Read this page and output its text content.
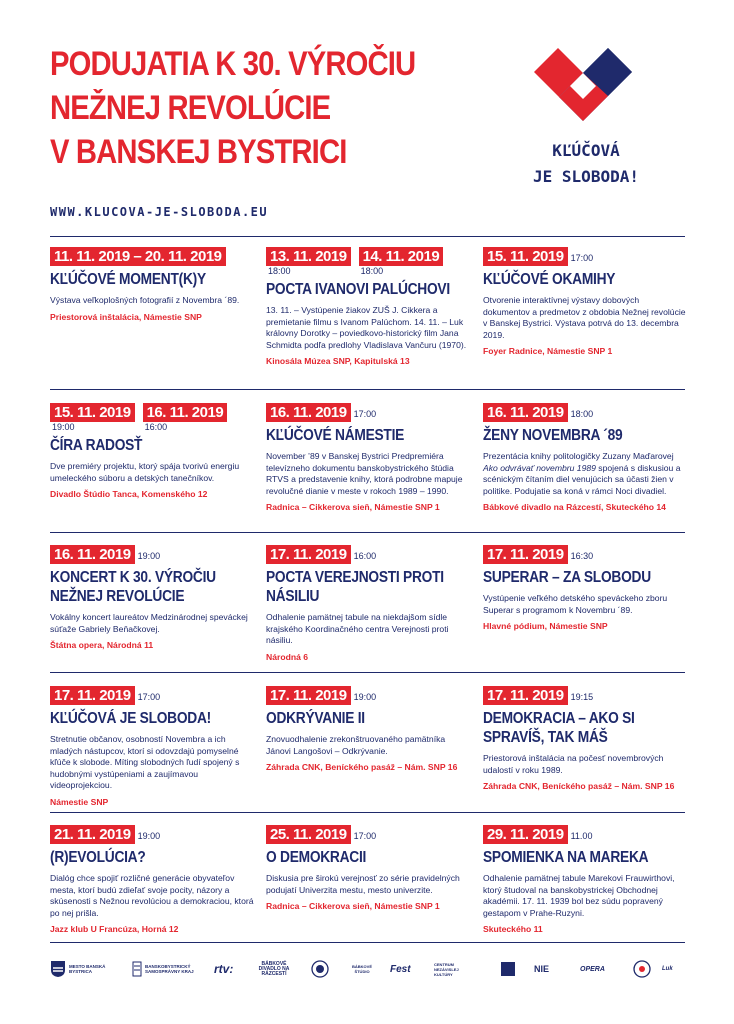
PODUJATIA K 30. VÝROČIU
NEŽNEJ REVOLÚCIE
V BANSKEJ BYSTRICI
WWW.KLUCOVA-JE-SLOBODA.EU
KĽÚČOVÁ
JE SLOBODA!
11. 11. 2019 – 20. 11. 2019
KĽÚČOVÉ MOMENT(K)Y
Výstava veľkoplošných fotografií z Novembra ´89.
Priestorová inštalácia, Námestie SNP
13. 11. 2019
18:00
14. 11. 2019
18:00
POCTA IVANOVI PALÚCHOVI
13. 11. – Vystúpenie žiakov ZUŠ J. Cikkera a premietanie filmu s Ivanom Palúchom. 14. 11. – Luk královny Dorotky – poviedkovo-historický film Jana Schmidta podľa predlohy Vladislava Vančuru (1970).
Kinosála Múzea SNP, Kapitulská 13
15. 11. 2019 17:00
KĽÚČOVÉ OKAMIHY
Otvorenie interaktívnej výstavy dobových dokumentov a predmetov z obdobia Nežnej revolúcie v Banskej Bystrici. Výstava potrvá do 13. decembra 2019.
Foyer Radnice, Námestie SNP 1
15. 11. 2019
19:00
16. 11. 2019
16:00
ČÍRA RADOSŤ
Dve premiéry projektu, ktorý spája tvorivú energiu umeleckého súboru a detských tanečníkov.
Divadlo Štúdio Tanca, Komenského 12
16. 11. 2019 17:00
KĽÚČOVÉ NÁMESTIE
November ’89 v Banskej Bystrici Predpremiéra televízneho dokumentu banskobystrického štúdia RTVS a predstavenie knihy, ktorá podrobne mapuje revolučné dianie v meste v rokoch 1989 – 1990.
Radnica – Cikkerova sieň, Námestie SNP 1
16. 11. 2019 18:00
ŽENY NOVEMBRA ´89
Prezentácia knihy politologičky Zuzany Maďarovej Ako odvrávať novembru 1989 spojená s diskusiou a scénickým čítaním diel venujúcich sa účasti žien v politike. Podujatie sa koná v rámci Noci divadiel.
Bábkové divadlo na Rázcestí, Skuteckého 14
16. 11. 2019 19:00
KONCERT K 30. VÝROČIU NEŽNEJ REVOLÚCIE
Vokálny koncert laureátov Medzinárodnej speváckej súťaže Gabriely Beňačkovej.
Štátna opera, Národná 11
17. 11. 2019 16:00
POCTA VEREJNOSTI PROTI NÁSILIU
Odhalenie pamätnej tabule na niekdajšom sídle krajského Koordinačného centra Verejnosti proti násiliu.
Národná 6
17. 11. 2019 16:30
SUPERAR – ZA SLOBODU
Vystúpenie veľkého detského speváckeho zboru Superar s programom k Novembru ´89.
Hlavné pódium, Námestie SNP
17. 11. 2019 17:00
KĽÚČOVÁ JE SLOBODA!
Stretnutie občanov, osobností Novembra a ich mladých nástupcov, ktorí si odovzdajú pomyselné kľúče k slobode. Míting slobodných ľudí spojený s hudobnými vystúpeniami a zaujímavou videoprojekciou.
Námestie SNP
17. 11. 2019 19:00
ODKRÝVANIE II
Znovuodhalenie zrekonštruovaného pamätníka Jánovi Langošovi – Odkrývanie.
Záhrada CNK, Beníckého pasáž – Nám. SNP 16
17. 11. 2019 19:15
DEMOKRACIA – AKO SI SPRAVÍŠ, TAK MÁŠ
Priestorová inštalácia na počesť novembrových udalostí v roku 1989.
Záhrada CNK, Beníckého pasáž – Nám. SNP 16
21. 11. 2019 19:00
(R)EVOLÚCIA?
Dialóg chce spojiť rozličné generácie obyvateľov mesta, ktorí budú zdieľať svoje pocity, názory a skúsenosti s Nežnou revolúciou a demokraciou, ktorá po nej prišla.
Jazz klub U Francúza, Horná 12
25. 11. 2019 17:00
O DEMOKRACII
Diskusia pre širokú verejnosť zo série pravidelných podujatí Univerzita mestu, mesto univerzite.
Radnica – Cikkerova sieň, Námestie SNP 1
29. 11. 2019 11.00
SPOMIENKA NA MAREKA
Odhalenie pamätnej tabule Marekovi Frauwirthovi, ktorý študoval na banskobystrickej Obchodnej akadémii. 17. 11. 1939 bol bez súdu popravený gestapom v Prahe-Ruzyni.
Skuteckého 11
MESTO BANSKÁ BYSTRICA
BANSKOBYSTRICKÝ SAMOSPRÁVNY KRAJ	rtv:	BÁBKOVÉ DIVADLO NA RÁZCESTÍ
BÁBKOVÉ ŠTÚDIO	Fest	CENTRUM NEZÁVISLEJ KULTÚRY
NIE	OPERA	Luk
